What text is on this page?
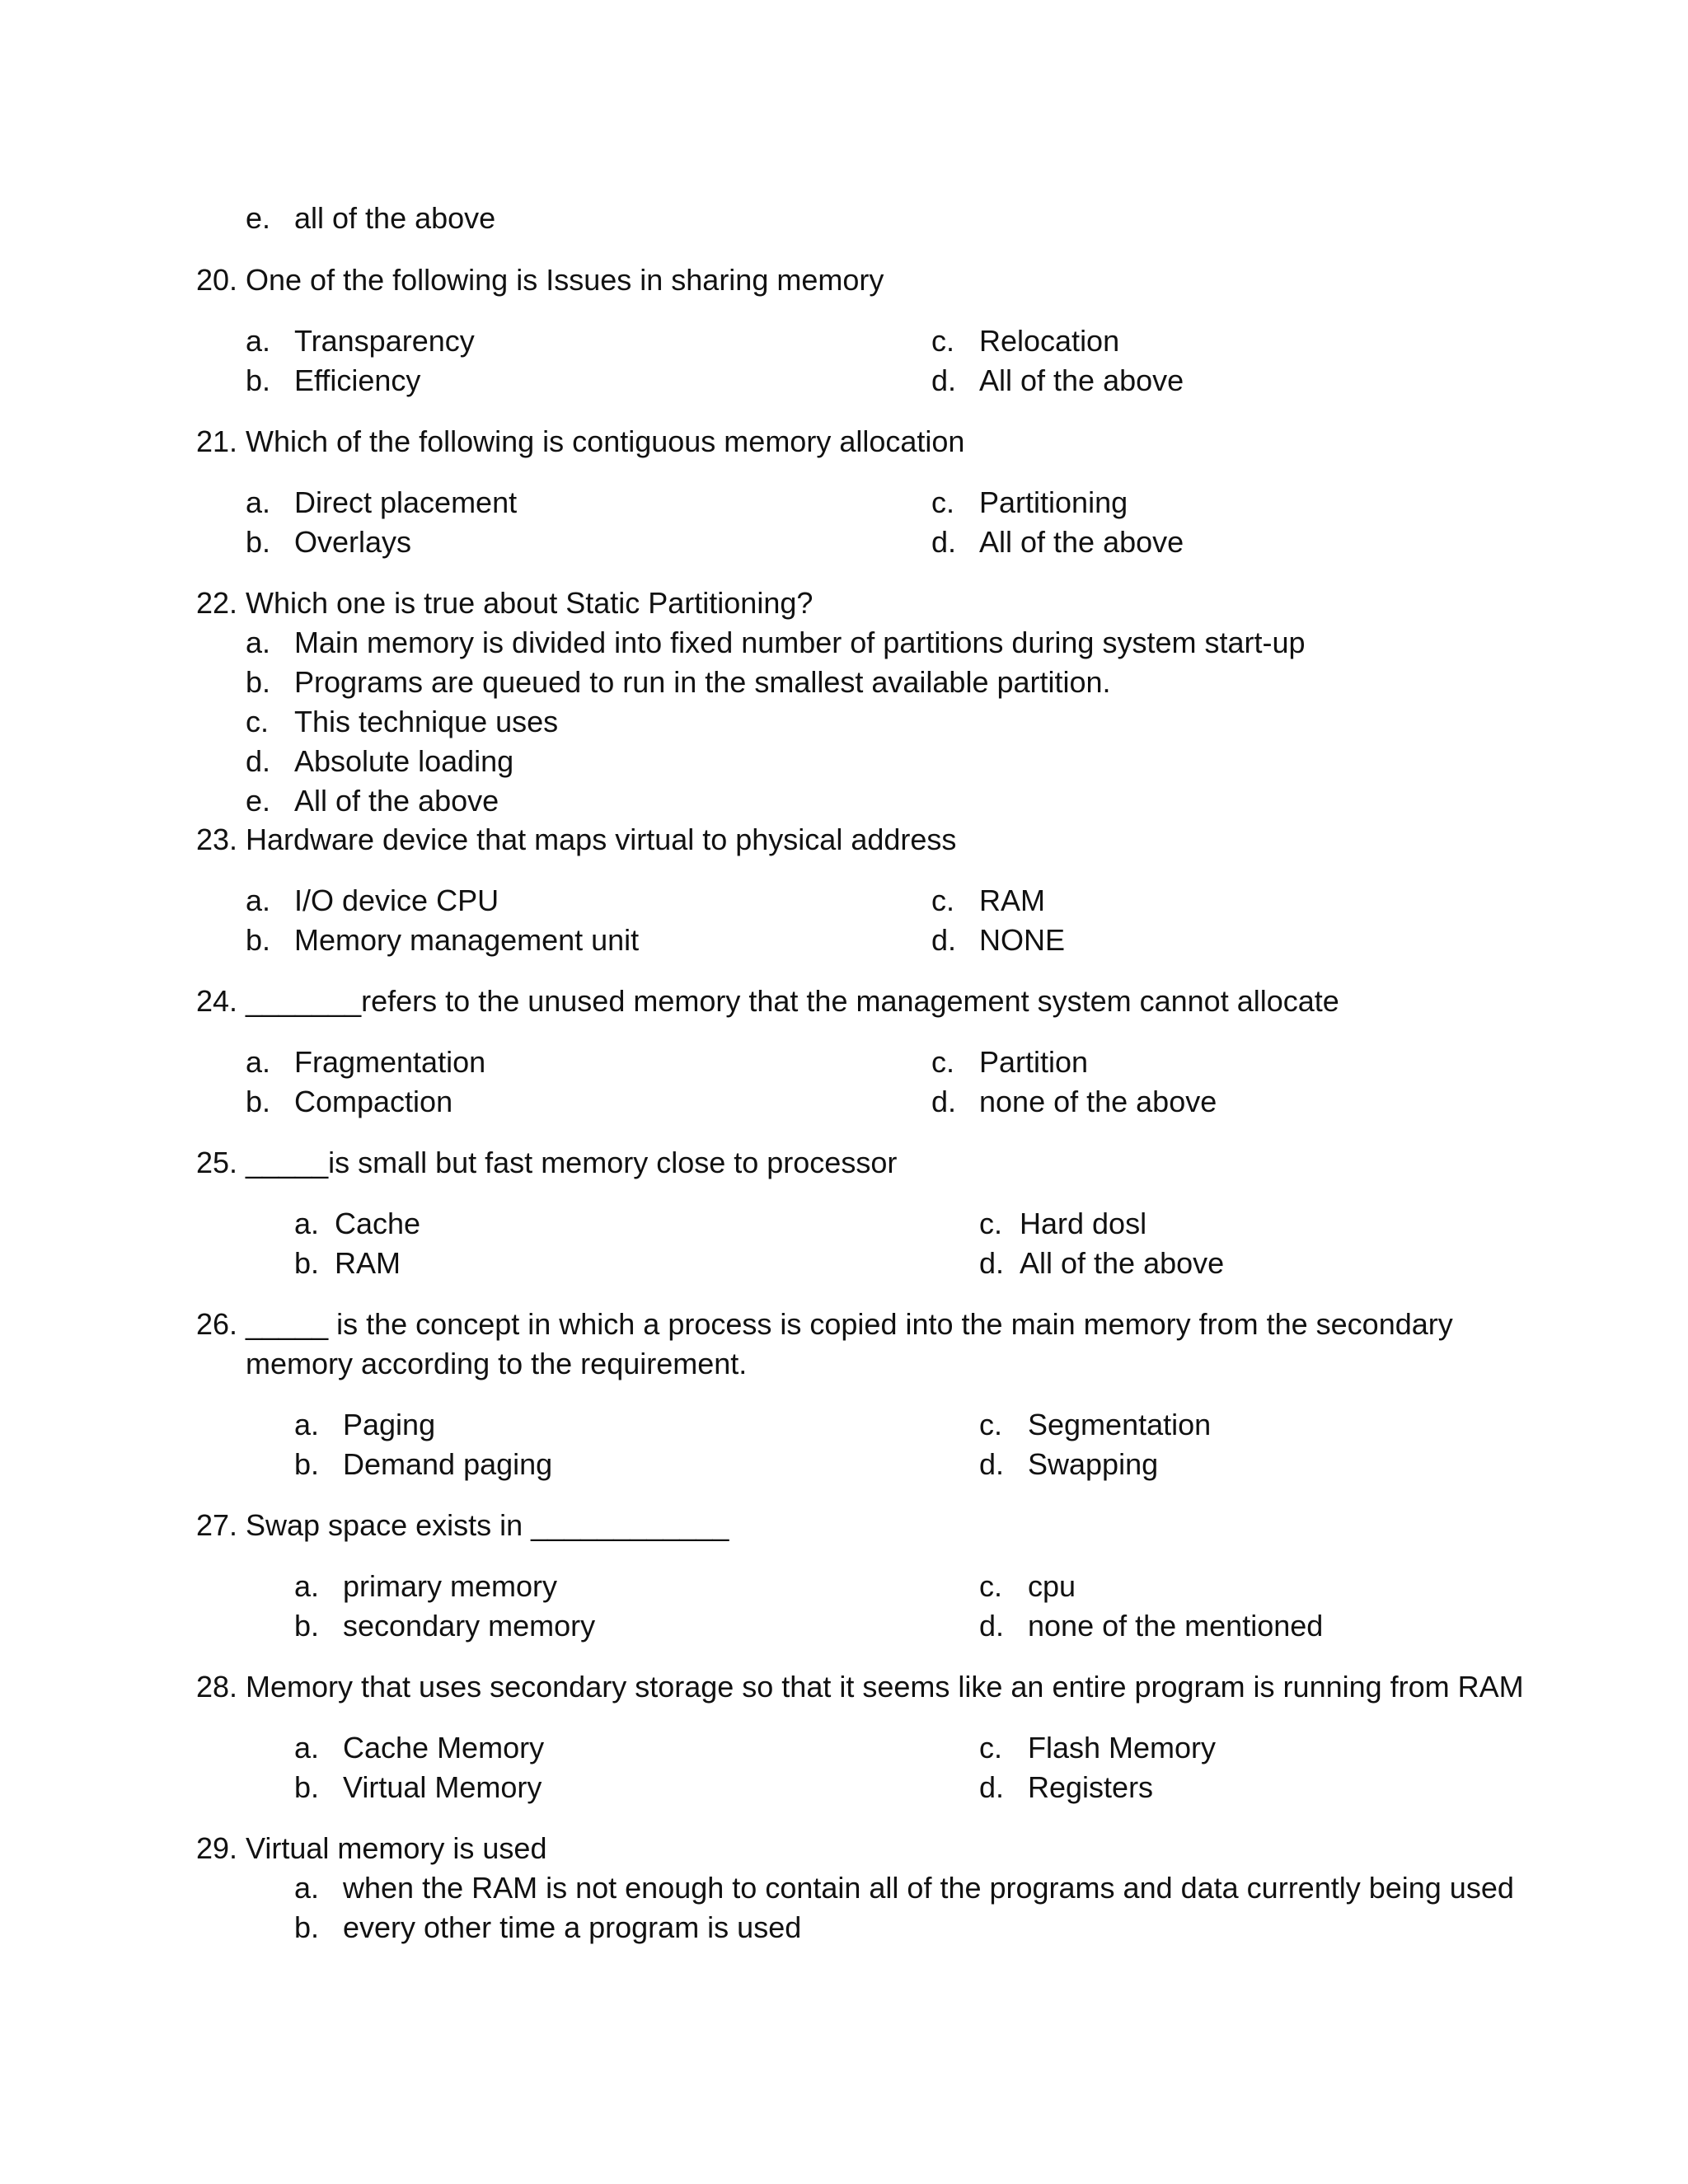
e. all of the above
20. One of the following is Issues in sharing memory
a. Transparency	c. Relocation
b. Efficiency	d. All of the above
21. Which of the following is contiguous memory allocation
a. Direct placement	c. Partitioning
b. Overlays	d. All of the above
22. Which one is true about Static Partitioning?
a. Main memory is divided into fixed number of partitions during system start-up
b. Programs are queued to run in the smallest available partition.
c. This technique uses
d. Absolute loading
e. All of the above
23. Hardware device that maps virtual to physical address
a. I/O device CPU	c. RAM
b. Memory management unit	d. NONE
24. _______refers to the unused memory that the management system cannot allocate
a. Fragmentation	c. Partition
b. Compaction	d. none of the above
25. _____is small but fast memory close to processor
a. Cache	c. Hard dosl
b. RAM	d. All of the above
26. _____ is the concept in which a process is copied into the main memory from the secondary
memory according to the requirement.
a. Paging	c. Segmentation
b. Demand paging	d. Swapping
27. Swap space exists in ____________
a. primary memory	c. cpu
b. secondary memory	d. none of the mentioned
28. Memory that uses secondary storage so that it seems like an entire program is running from RAM
a. Cache Memory	c. Flash Memory
b. Virtual Memory	d. Registers
29. Virtual memory is used
a. when the RAM is not enough to contain all of the programs and data currently being used
b. every other time a program is used
